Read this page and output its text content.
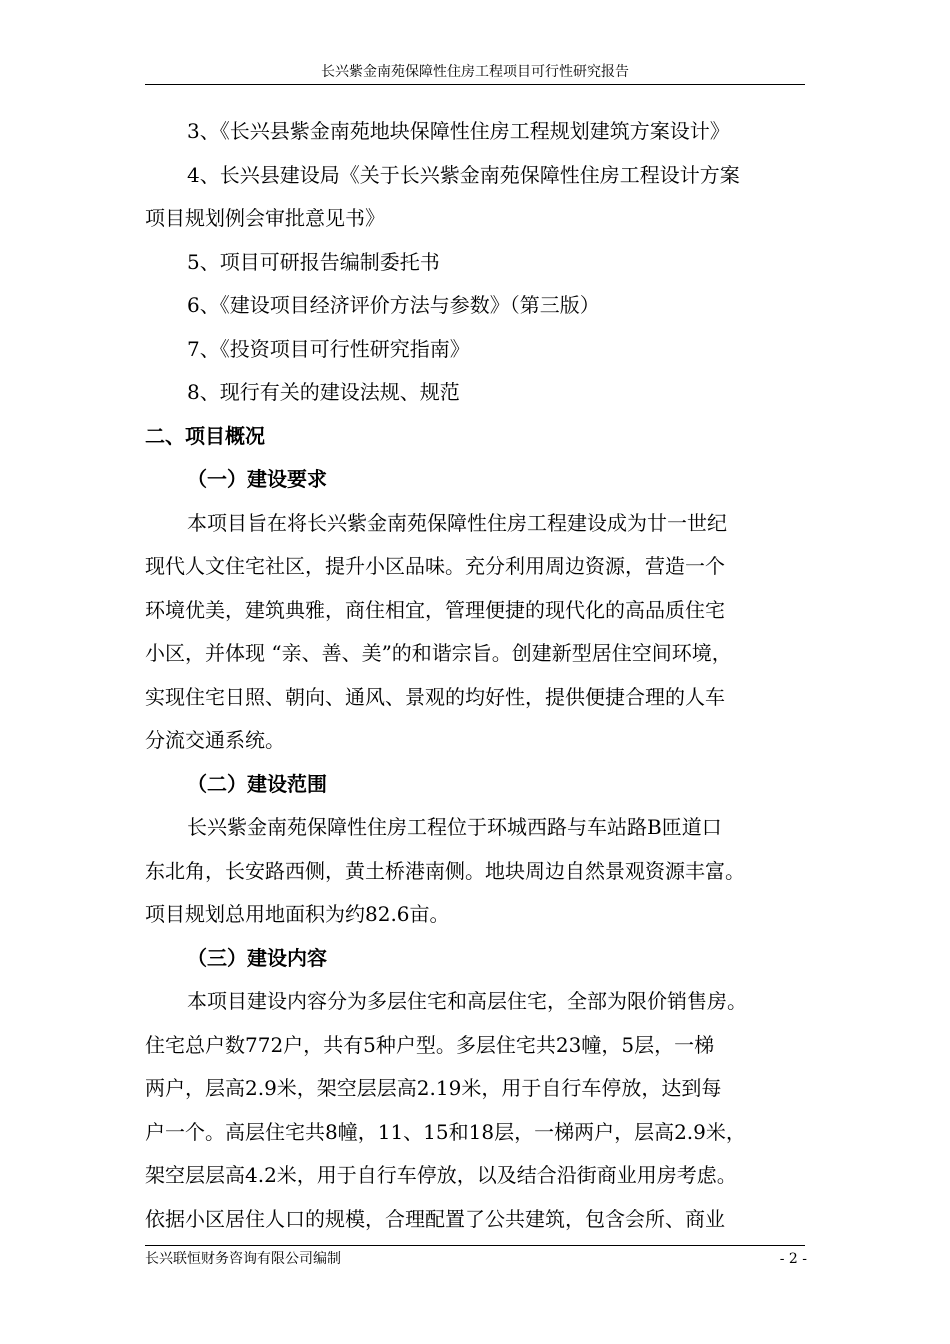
长兴紫金南苑保障性住房工程项目可行性研究报告
3、《长兴县紫金南苑地块保障性住房工程规划建筑方案设计》
4、长兴县建设局《关于长兴紫金南苑保障性住房工程设计方案
项目规划例会审批意见书》
5、项目可研报告编制委托书
6、《建设项目经济评价方法与参数》（第三版）
7、《投资项目可行性研究指南》
8、现行有关的建设法规、规范
二、项目概况
（一）建设要求
本项目旨在将长兴紫金南苑保障性住房工程建设成为廿一世纪
现代人文住宅社区，提升小区品味。充分利用周边资源，营造一个
环境优美，建筑典雅，商住相宜，管理便捷的现代化的高品质住宅
小区，并体现 “亲、善、美”的和谐宗旨。创建新型居住空间环境，
实现住宅日照、朝向、通风、景观的均好性，提供便捷合理的人车
分流交通系统。
（二）建设范围
长兴紫金南苑保障性住房工程位于环城西路与车站路B匝道口
东北角，长安路西侧，黄土桥港南侧。地块周边自然景观资源丰富。
项目规划总用地面积为约82.6亩。
（三）建设内容
本项目建设内容分为多层住宅和高层住宅，全部为限价销售房。
住宅总户数772户，共有5种户型。多层住宅共23幢，5层，一梯
两户，层高2.9米，架空层层高2.19米，用于自行车停放，达到每
户一个。高层住宅共8幢，11、15和18层，一梯两户，层高2.9米，
架空层层高4.2米，用于自行车停放，以及结合沿街商业用房考虑。
依据小区居住人口的规模，合理配置了公共建筑，包含会所、商业
长兴联恒财务咨询有限公司编制	- 2 -
